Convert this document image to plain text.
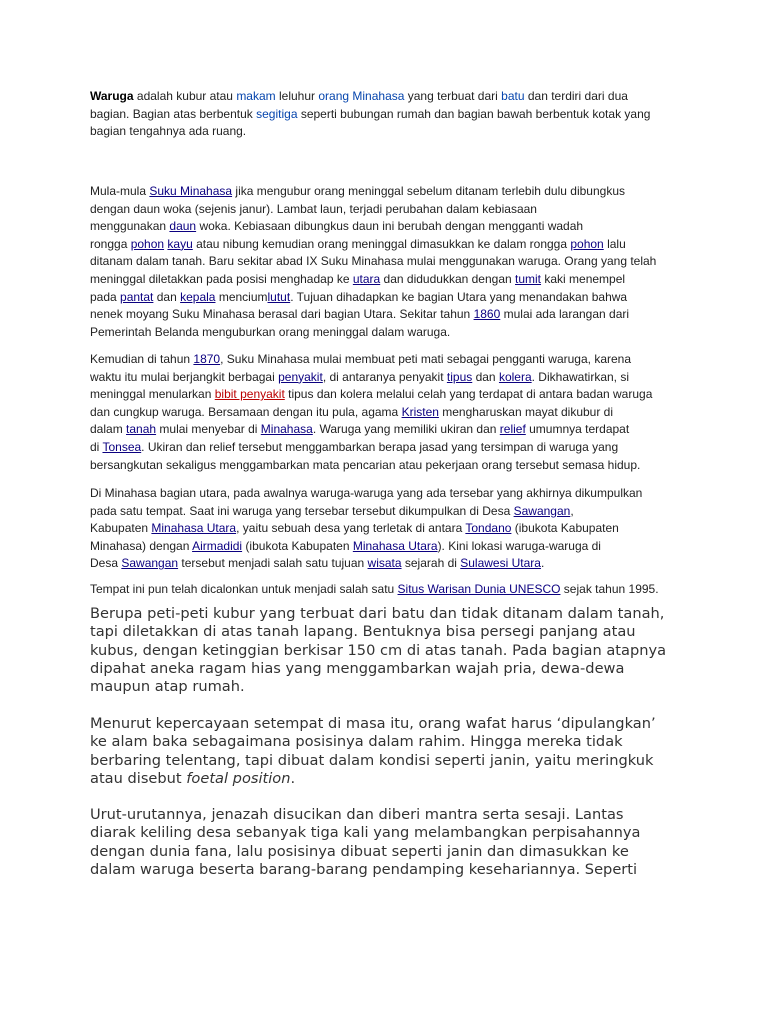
Waruga adalah kubur atau makam leluhur orang Minahasa yang terbuat dari batu dan terdiri dari dua
bagian. Bagian atas berbentuk segitiga seperti bubungan rumah dan bagian bawah berbentuk kotak yang
bagian tengahnya ada ruang.

Mula-mula Suku Minahasa jika mengubur orang meninggal sebelum ditanam terlebih dulu dibungkus
dengan daun woka (sejenis janur). Lambat laun, terjadi perubahan dalam kebiasaan
menggunakan daun woka. Kebiasaan dibungkus daun ini berubah dengan mengganti wadah
rongga pohon kayu atau nibung kemudian orang meninggal dimasukkan ke dalam rongga pohon lalu
ditanam dalam tanah. Baru sekitar abad IX Suku Minahasa mulai menggunakan waruga. Orang yang telah
meninggal diletakkan pada posisi menghadap ke utara dan didudukkan dengan tumit kaki menempel
pada pantat dan kepala menciumlutut. Tujuan dihadapkan ke bagian Utara yang menandakan bahwa
nenek moyang Suku Minahasa berasal dari bagian Utara. Sekitar tahun 1860 mulai ada larangan dari
Pemerintah Belanda menguburkan orang meninggal dalam waruga.

Kemudian di tahun 1870, Suku Minahasa mulai membuat peti mati sebagai pengganti waruga, karena
waktu itu mulai berjangkit berbagai penyakit, di antaranya penyakit tipus dan kolera. Dikhawatirkan, si
meninggal menularkan bibit penyakit tipus dan kolera melalui celah yang terdapat di antara badan waruga
dan cungkup waruga. Bersamaan dengan itu pula, agama Kristen mengharuskan mayat dikubur di
dalam tanah mulai menyebar di Minahasa. Waruga yang memiliki ukiran dan relief umumnya terdapat
di Tonsea. Ukiran dan relief tersebut menggambarkan berapa jasad yang tersimpan di waruga yang
bersangkutan sekaligus menggambarkan mata pencarian atau pekerjaan orang tersebut semasa hidup.

Di Minahasa bagian utara, pada awalnya waruga-waruga yang ada tersebar yang akhirnya dikumpulkan
pada satu tempat. Saat ini waruga yang tersebar tersebut dikumpulkan di Desa Sawangan,
Kabupaten Minahasa Utara, yaitu sebuah desa yang terletak di antara Tondano (ibukota Kabupaten
Minahasa) dengan Airmadidi (ibukota Kabupaten Minahasa Utara). Kini lokasi waruga-waruga di
Desa Sawangan tersebut menjadi salah satu tujuan wisata sejarah di Sulawesi Utara.

Tempat ini pun telah dicalonkan untuk menjadi salah satu Situs Warisan Dunia UNESCO sejak tahun 1995.

Berupa peti-peti kubur yang terbuat dari batu dan tidak ditanam dalam tanah,
tapi diletakkan di atas tanah lapang. Bentuknya bisa persegi panjang atau
kubus, dengan ketinggian berkisar 150 cm di atas tanah. Pada bagian atapnya
dipahat aneka ragam hias yang menggambarkan wajah pria, dewa-dewa
maupun atap rumah.

Menurut kepercayaan setempat di masa itu, orang wafat harus ‘dipulangkan’
ke alam baka sebagaimana posisinya dalam rahim. Hingga mereka tidak
berbaring telentang, tapi dibuat dalam kondisi seperti janin, yaitu meringkuk
atau disebut foetal position.

Urut-urutannya, jenazah disucikan dan diberi mantra serta sesaji. Lantas
diarak keliling desa sebanyak tiga kali yang melambangkan perpisahannya
dengan dunia fana, lalu posisinya dibuat seperti janin dan dimasukkan ke
dalam waruga beserta barang-barang pendamping kesehariannya. Seperti
